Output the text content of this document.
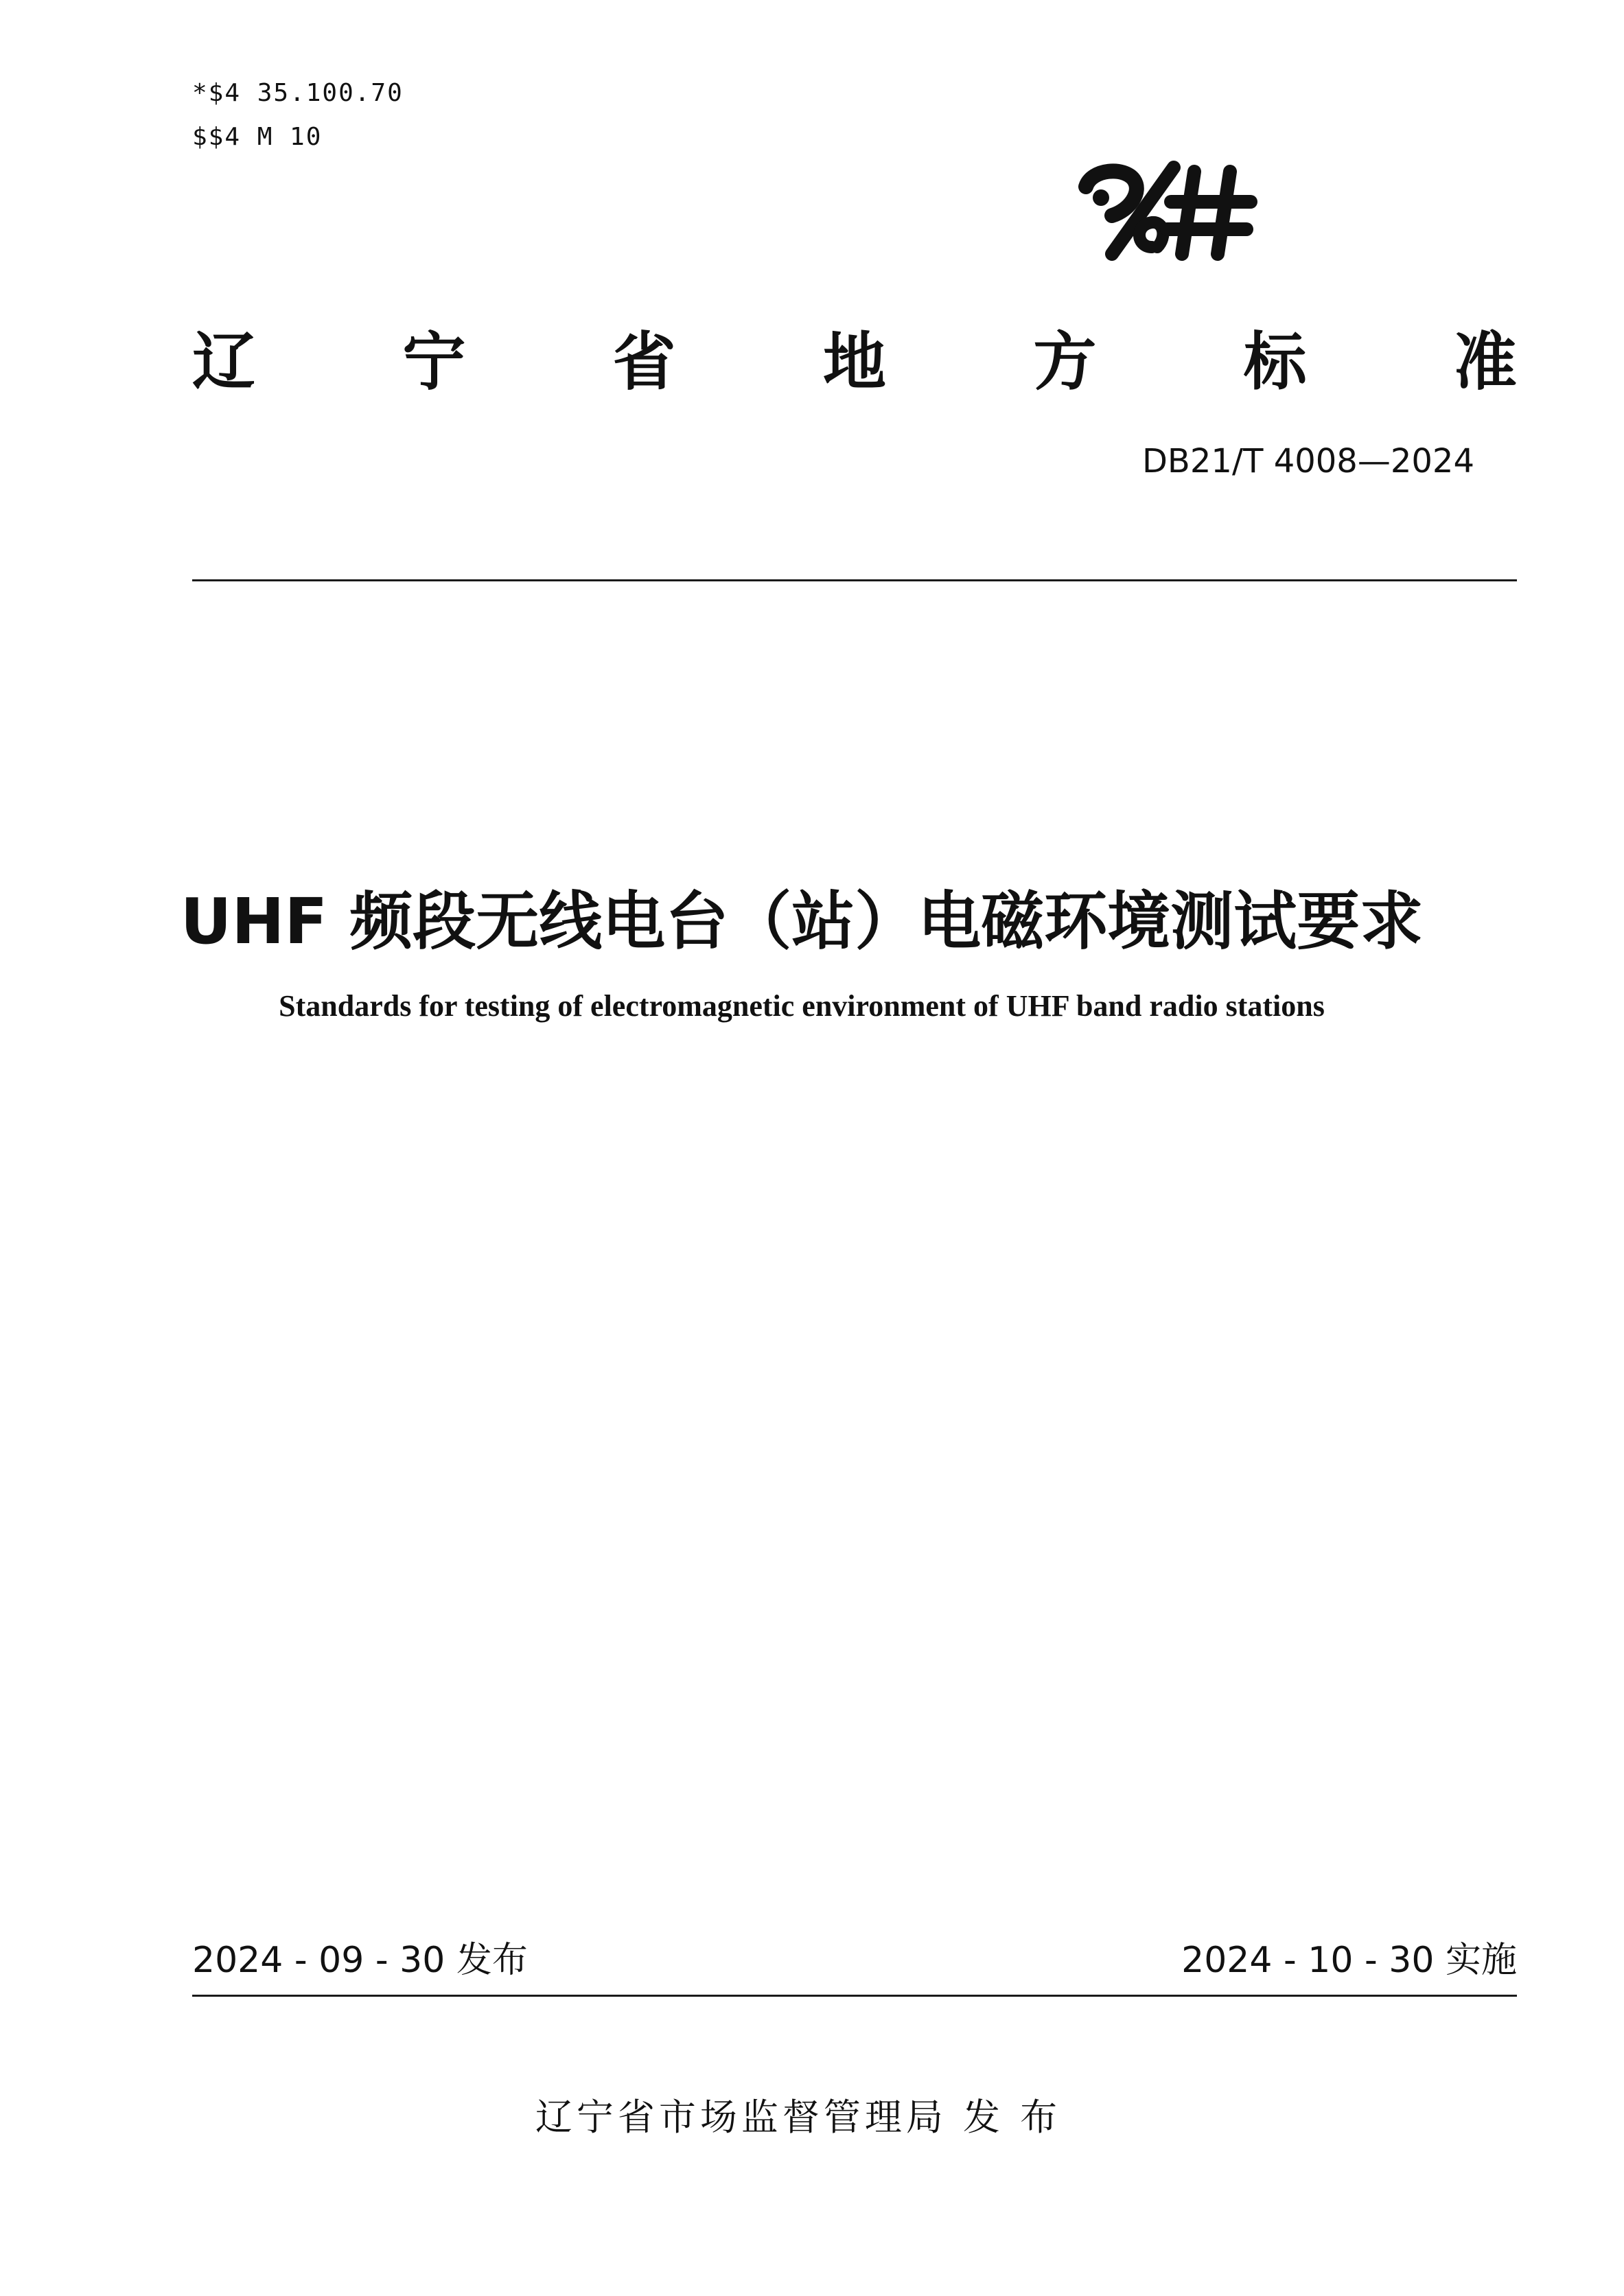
*$4 35.100.70
$$4 M 10
辽 宁 省 地 方 标 准
DB21/T 4008—2024
UHF 频段无线电台（站）电磁环境测试要求
Standards for testing of electromagnetic environment of UHF band radio stations
2024 - 09 - 30 发布	2024 - 10 - 30 实施
辽宁省市场监督管理局 发 布
